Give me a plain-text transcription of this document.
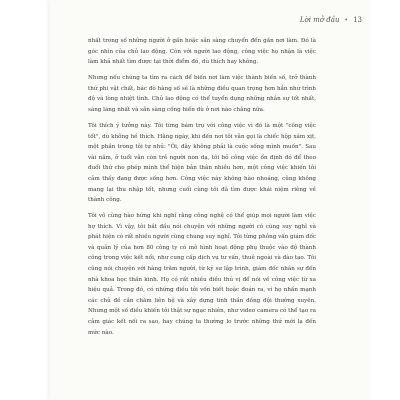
Lời mở đầu • 13

nhất trong số những người ở gần hoặc sản sàng chuyển đến gần nơi làm. Đó là góc nhìn của chủ lao động. Còn với người lao động, công việc họ nhận là việc làm khả nhất tìm được tại thời điểm đó, dù thích hay không.

Nhưng nếu chúng ta tìm ra cách để biến nơi làm việc thành biến số, trở thành thứ phi vật chất, bác đò hàng số sẽ là những điều quan trọng hơn hẳn như trình độ và lòng nhiệt tình. Chủ lao động có thể tuyển dụng những nhân sự tốt nhất, sáng láng nhất và sẵn sàng cống hiến dù ở nơi nào chăng nữa.

Tôi thích ý tưởng này. Tôi từng bám trụ với công việc vì đó là một "công việc tốt", dù không hề thích. Hằng ngày, khi đến nơi tôi vẫn gọi là chiếc hộp xám xịt, một phần trong tôi tự nhủ: "Ôi, đây không phải là cuộc sống mình muốn". Sau vài năm, ở tuổi vẫn còn trẻ người non dạ, tôi bỏ công việc ổn định đó để theo đuổi thứ cho phép mình thể hiện bản thân nhiều hơn, một công việc khiến tôi cảm thấy đang được sống hơn. Công việc này không hào nhoáng, cũng không mang lại thu nhập tốt, nhưng cuối cùng tôi đã tìm được khái niệm riêng về thành công.

Tôi vô cùng hào hứng khi nghĩ rằng công nghệ có thể giúp mọi người làm việc hợ thích. Vì vậy, tôi bắt đầu nói chuyện với những người có cùng suy nghĩ và phát hiện có rất nhiều người cùng chung suy nghĩ. Tôi từng phỏng vấn giám đốc và quản lý của hơn 80 công ty có mô hình hoạt động phụ thuộc vào độ thành công trong việc kết nối, như cung cấp dịch vụ tư vấn, thuê ngoài và đào tạo. Tôi cũng nói chuyện với hàng trăm người, từ kỹ sư lập trình, giám đốc nhân sự đến nhà khoa học thần kinh. Họ có rất nhiều điều thú vị để nói về công việc từ xa hiệu quả. Trong đó, có những điều tôi vốn biết hoặc đoán ra, vì họ nhấn mạnh các chủ đề cần chăm liên hệ và xây dựng tinh thần đồng đội thường xuyên. Nhưng một số điều khiến tôi thật sự ngạc nhiên, như video camera có thể tạo ra cảm giác kết nối ra sao, hay chúng ta thường lo trước những thứ mới lạ đến mức nào.
